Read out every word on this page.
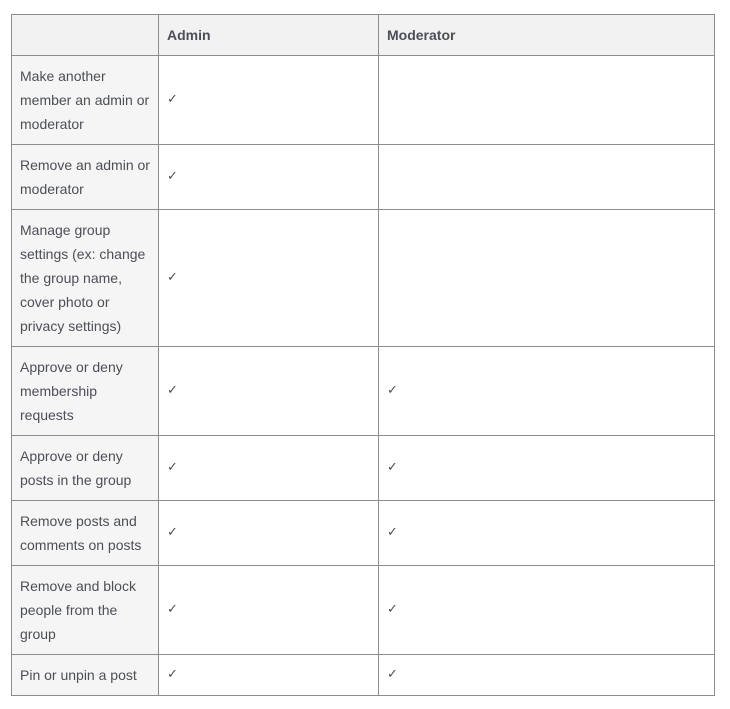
	Admin	Moderator
Make another member an admin or moderator	✓	
Remove an admin or moderator	✓	
Manage group settings (ex: change the group name, cover photo or privacy settings)	✓	
Approve or deny membership requests	✓	✓
Approve or deny posts in the group	✓	✓
Remove posts and comments on posts	✓	✓
Remove and block people from the group	✓	✓
Pin or unpin a post	✓	✓
